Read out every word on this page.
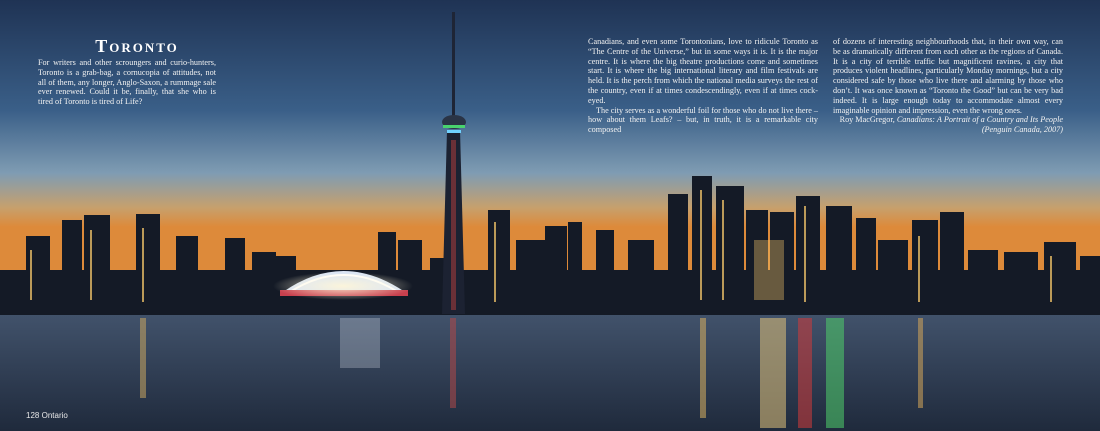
Toronto

For writers and other scroungers and curio-hunters, Toronto is a grab-bag, a cornucopia of attitudes, not all of them, any longer, Anglo-Saxon, a rummage sale ever renewed. Could it be, finally, that she who is tired of Toronto is tired of Life?

Canadians, and even some Torontonians, love to ridicule Toronto as “The Centre of the Universe,” but in some ways it is. It is the major centre. It is where the big theatre productions come and sometimes start. It is where the big international literary and film festivals are held. It is the perch from which the national media surveys the rest of the country, even if at times condescendingly, even if at times cock-eyed.

The city serves as a wonderful foil for those who do not live there – how about them Leafs? – but, in truth, it is a remarkable city composed

of dozens of interesting neighbourhoods that, in their own way, can be as dramatically different from each other as the regions of Canada. It is a city of terrible traffic but magnificent ravines, a city that produces violent headlines, particularly Monday mornings, but a city considered safe by those who live there and alarming by those who don’t. It was once known as “Toronto the Good” but can be very bad indeed. It is large enough today to accommodate almost every imaginable opinion and impression, even the wrong ones.

Roy MacGregor, Canadians: A Portrait of a Country and Its People
(Penguin Canada, 2007)

128 Ontario
